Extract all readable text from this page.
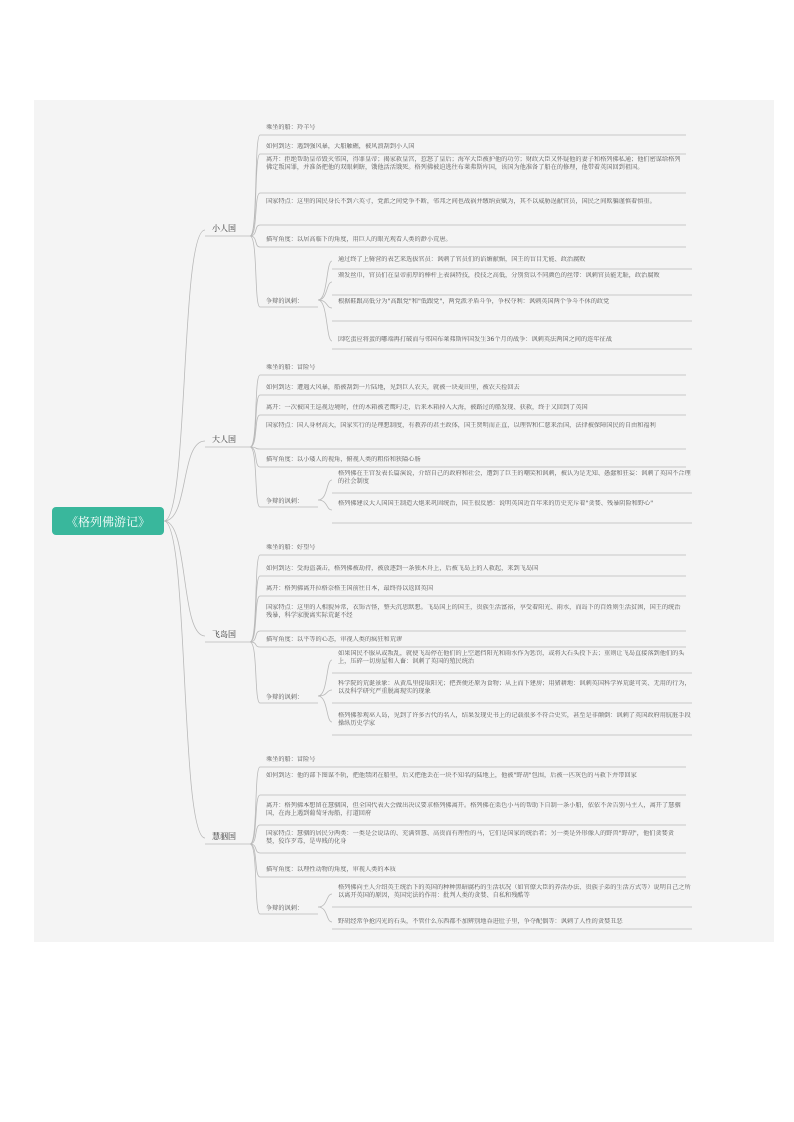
《格列佛游记》
小人国
乘坐的船：羚羊号
如何到达：遇到强风暴，大船触礁，被风浪刮到小人国
离开：拒绝帮助皇帝毁灭邻国，得罪皇帝；揭家救皇宫，惹怒了皇后；海军大臣被护他的功劳；财政大臣又怀疑他的妻子和格列佛私通；他们密谋给格列佛定叛国罪，并准备把他的双眼刺瞎，饿他活活饿死。格列佛被迫逃往布莱弗斯库国，该国为他准备了船在的修理，他带着英国回到祖国。
国家特点：这里的国民身长不到六英寸，党派之间党争不断，邻邦之间也战祸并缴纳贡赋为，其不以威胁逞献官员，国民之间欺骗谨慎着慎重。
描写角度：以居高临下的角度，用巨人的眼光观看人类的渺小荒唐。
争辩的讽刺：
通过终了上骑营的表艺来选拔官员：讽刺了官员们的谄媚献媚，国王的盲目无能、政治腐败
颁发丝巾，官员们在皇帝前厚的棒杆上表演特技，投技之高低，分别赏以不同颜色的丝带：讽刺官员能无耻，政治腐败
根据鞋跟高低分为"高跟党"和"低跟党"，两党派矛盾斗争，争权夺利：讽刺英国两个争斗不休的政党
因吃蛋应将蛋的哪端再打破而与邻国布莱弗斯库国发生36个月的战争：讽刺英法两国之间的连年征战
大人国
乘坐的船：冒险号
如何到达：遭遇大风暴，船被刮到一片陆地，见到巨人农夫，就被一块麦田里，被农夫捡回去
离开：一次被国王巡视边境时，住的木箱被老鹰叼走，后来木箱掉入大海，被路过的船发现、获救，终于又回到了英国
国家特点：国人身材高大，国家实行的是理想制度，有教养的君主政体，国王贤明而正直，以理智和仁慈来治国，法律被保障国民的自由和福利
描写角度：以小矮人的视角，俯视人类的粗俗和狭隘心肠
争辩的讽刺：
格列佛在王宫发表长篇演说，介绍自己的政府和社会，遭到了巨王的嘲笑和讽刺，被认为是无知、愚蠢和狂妄：讽刺了英国不合理的社会制度
格列佛建议大人国国王制造大炮来巩固统治，国王很反感：说明英国近百年来的历史充斥着"贪婪、残暴阴险和野心"
飞岛国
乘坐的船：好望号
如何到达：受海盗袭击，格列佛被劫持，被放逐到一条独木舟上，后被飞岛上的人救起，来到飞岛国
离开：格列佛离开拉格奈格王国前往日本，最终得以返回英国
国家特点：这里的人相貌异常，衣饰古怪，整天沉思默想。飞岛国上的国王，贵族生活富裕，享受着阳光、雨水，而岛下的百姓则生活贫困，国王的统治残暴，科学家脱离实际荒诞不经
描写角度：以平等的心态，审视人类的疯狂和荒谬
争辩的讽刺：
如果国民不服从或叛乱，就使飞岛停在他们的上空遮挡阳光和雨水作为惩罚，或将大石头投下去；重则让飞岛直接落到他们的头上，压碎一切房屋和人畜：讽刺了英国的殖民统治
科学院的荒诞景象：从黄瓜里提取阳光；把粪便还原为食物；从上而下建房；用猪耕地：讽刺英国科学界荒诞可笑、无用的行为，以及科学研究严重脱离现实的现象
格列佛参观巫人岛，见到了许多古代的名人，结果发现史书上的记载很多不符合史实，甚至是非颠倒：讽刺了英国政府用肮脏手段操纵历史学家
慧骃国
乘坐的船：冒险号
如何到达：他的部下图谋不轨，把他禁闭在船里，后又把他丢在一块不知名的陆地上，他被"野胡"包围，后被一匹灰色的马救下并带回家
离开：格列佛本想留在慧骃国，但全国代表大会做出决议要求格列佛离开。格列佛在栗色小马的帮助下自制一条小船，依依不舍告别马主人，离开了慧骃国，在海上遇到葡萄牙海船，打道回府
国家特点：慧骃的居民分两类：一类是会说话的、充满智慧、高贵而有理性的马，它们是国家的统治者；另一类是外形像人的野兽"野胡"，他们贪婪贪婪，狡诈歹毒，是卑贱的化身
描写角度：以理性动物的角度，审视人类的本质
争辩的讽刺：
格列佛向主人介绍英王统治下的英国的种种黑暗腐朽的生活状况（如官僚大臣的养活办法、贵族子弟的生活方式等）说明自己之所以离开英国的原因，英国宪法的作用：批判人类的贪婪、自私和残酷等
野胡经常争抢闪光的石头，不管什么东西都不加辨别地吞进肚子里，争夺配偶等：讽刺了人性的贪婪丑恶
